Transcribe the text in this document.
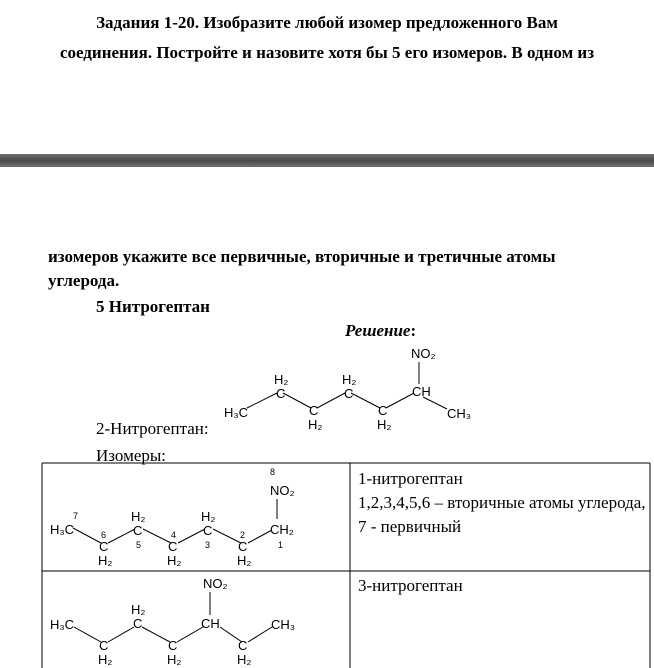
Задания 1-20. Изобразите любой изомер предложенного Вам
соединения. Постройте и назовите хотя бы 5 его изомеров. В одном из
изомеров укажите все первичные, вторичные и третичные атомы
углерода.
5 Нитрогептан
Решение:
2-Нитрогептан:
Изомеры:
H₃C
H₂
C
C
H₂
H₂
C
C
H₂
CH
CH₃
NO₂
H₃C
C
H₂
H₂
C
C
H₂
H₂
C
C
H₂
CH₂
NO₂
7
6
5
4
3
2
1
8
H₃C
C
H₂
H₂
C
C
H₂
CH
C
H₂
CH₃
NO₂
1-нитрогептан
1,2,3,4,5,6 – вторичные атомы углерода, 7 - первичный
3-нитрогептан
